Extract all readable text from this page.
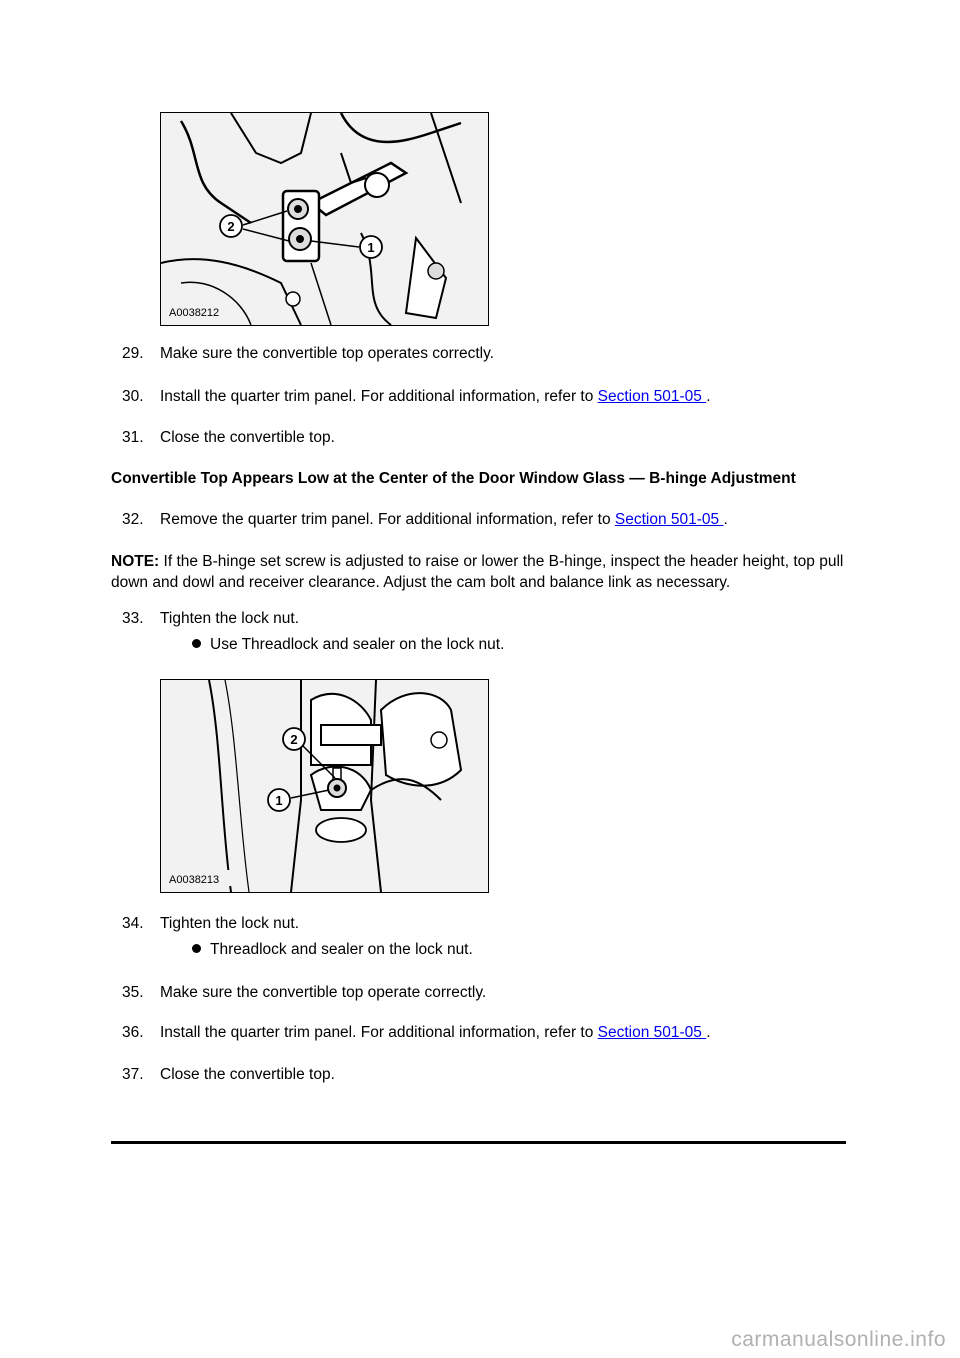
2
1
A0038212
29. Make sure the convertible top operates correctly.
30. Install the quarter trim panel. For additional information, refer to Section 501-05 .
31. Close the convertible top.
Convertible Top Appears Low at the Center of the Door Window Glass — B-hinge Adjustment
32. Remove the quarter trim panel. For additional information, refer to Section 501-05 .
NOTE: If the B-hinge set screw is adjusted to raise or lower the B-hinge, inspect the header height, top pull down and dowl and receiver clearance. Adjust the cam bolt and balance link as necessary.
33. Tighten the lock nut.
Use Threadlock and sealer on the lock nut.
2
1
A0038213
34. Tighten the lock nut.
Threadlock and sealer on the lock nut.
35. Make sure the convertible top operate correctly.
36. Install the quarter trim panel. For additional information, refer to Section 501-05 .
37. Close the convertible top.
carmanualsonline.info
